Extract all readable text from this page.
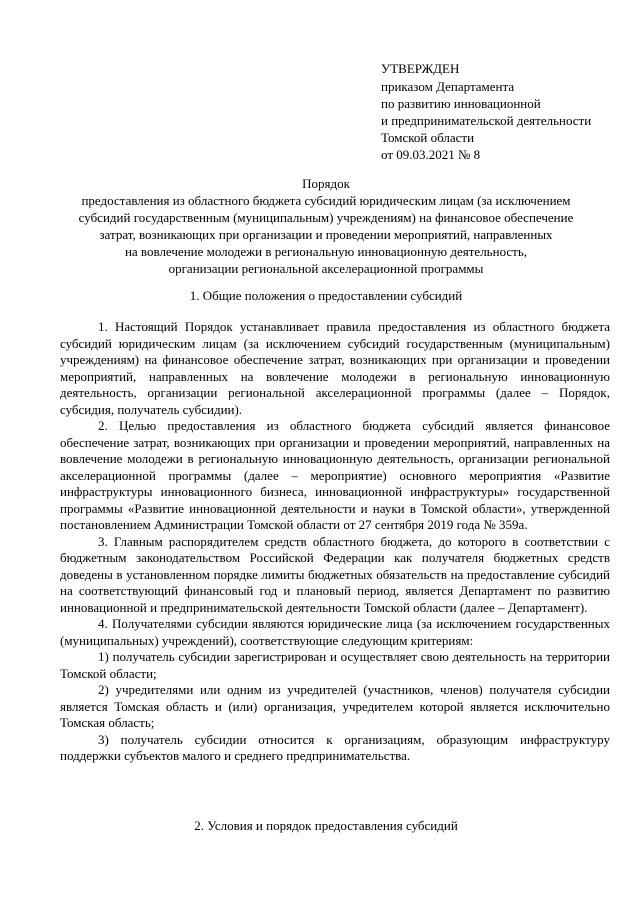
УТВЕРЖДЕН
приказом Департамента
по развитию инновационной
и предпринимательской деятельности
Томской области
от 09.03.2021 № 8
Порядок
предоставления из областного бюджета субсидий юридическим лицам (за исключением
субсидий государственным (муниципальным) учреждениям) на финансовое обеспечение
затрат, возникающих при организации и проведении мероприятий, направленных
на вовлечение молодежи в региональную инновационную деятельность,
организации региональной акселерационной программы
1. Общие положения о предоставлении субсидий

1. Настоящий Порядок устанавливает правила предоставления из областного бюджета субсидий юридическим лицам (за исключением субсидий государственным (муниципальным) учреждениям) на финансовое обеспечение затрат, возникающих при организации и проведении мероприятий, направленных на вовлечение молодежи в региональную инновационную деятельность, организации региональной акселерационной программы (далее – Порядок, субсидия, получатель субсидии).

2. Целью предоставления из областного бюджета субсидий является финансовое обеспечение затрат, возникающих при организации и проведении мероприятий, направленных на вовлечение молодежи в региональную инновационную деятельность, организации региональной акселерационной программы (далее – мероприятие) основного мероприятия «Развитие инфраструктуры инновационного бизнеса, инновационной инфраструктуры» государственной программы «Развитие инновационной деятельности и науки в Томской области», утвержденной постановлением Администрации Томской области от 27 сентября 2019 года № 359а.

3. Главным распорядителем средств областного бюджета, до которого в соответствии с бюджетным законодательством Российской Федерации как получателя бюджетных средств доведены в установленном порядке лимиты бюджетных обязательств на предоставление субсидий на соответствующий финансовый год и плановый период, является Департамент по развитию инновационной и предпринимательской деятельности Томской области (далее – Департамент).

4. Получателями субсидии являются юридические лица (за исключением государственных (муниципальных) учреждений), соответствующие следующим критериям:

1) получатель субсидии зарегистрирован и осуществляет свою деятельность на территории Томской области;

2) учредителями или одним из учредителей (участников, членов) получателя субсидии является Томская область и (или) организация, учредителем которой является исключительно Томская область;

3) получатель субсидии относится к организациям, образующим инфраструктуру поддержки субъектов малого и среднего предпринимательства.

2. Условия и порядок предоставления субсидий
